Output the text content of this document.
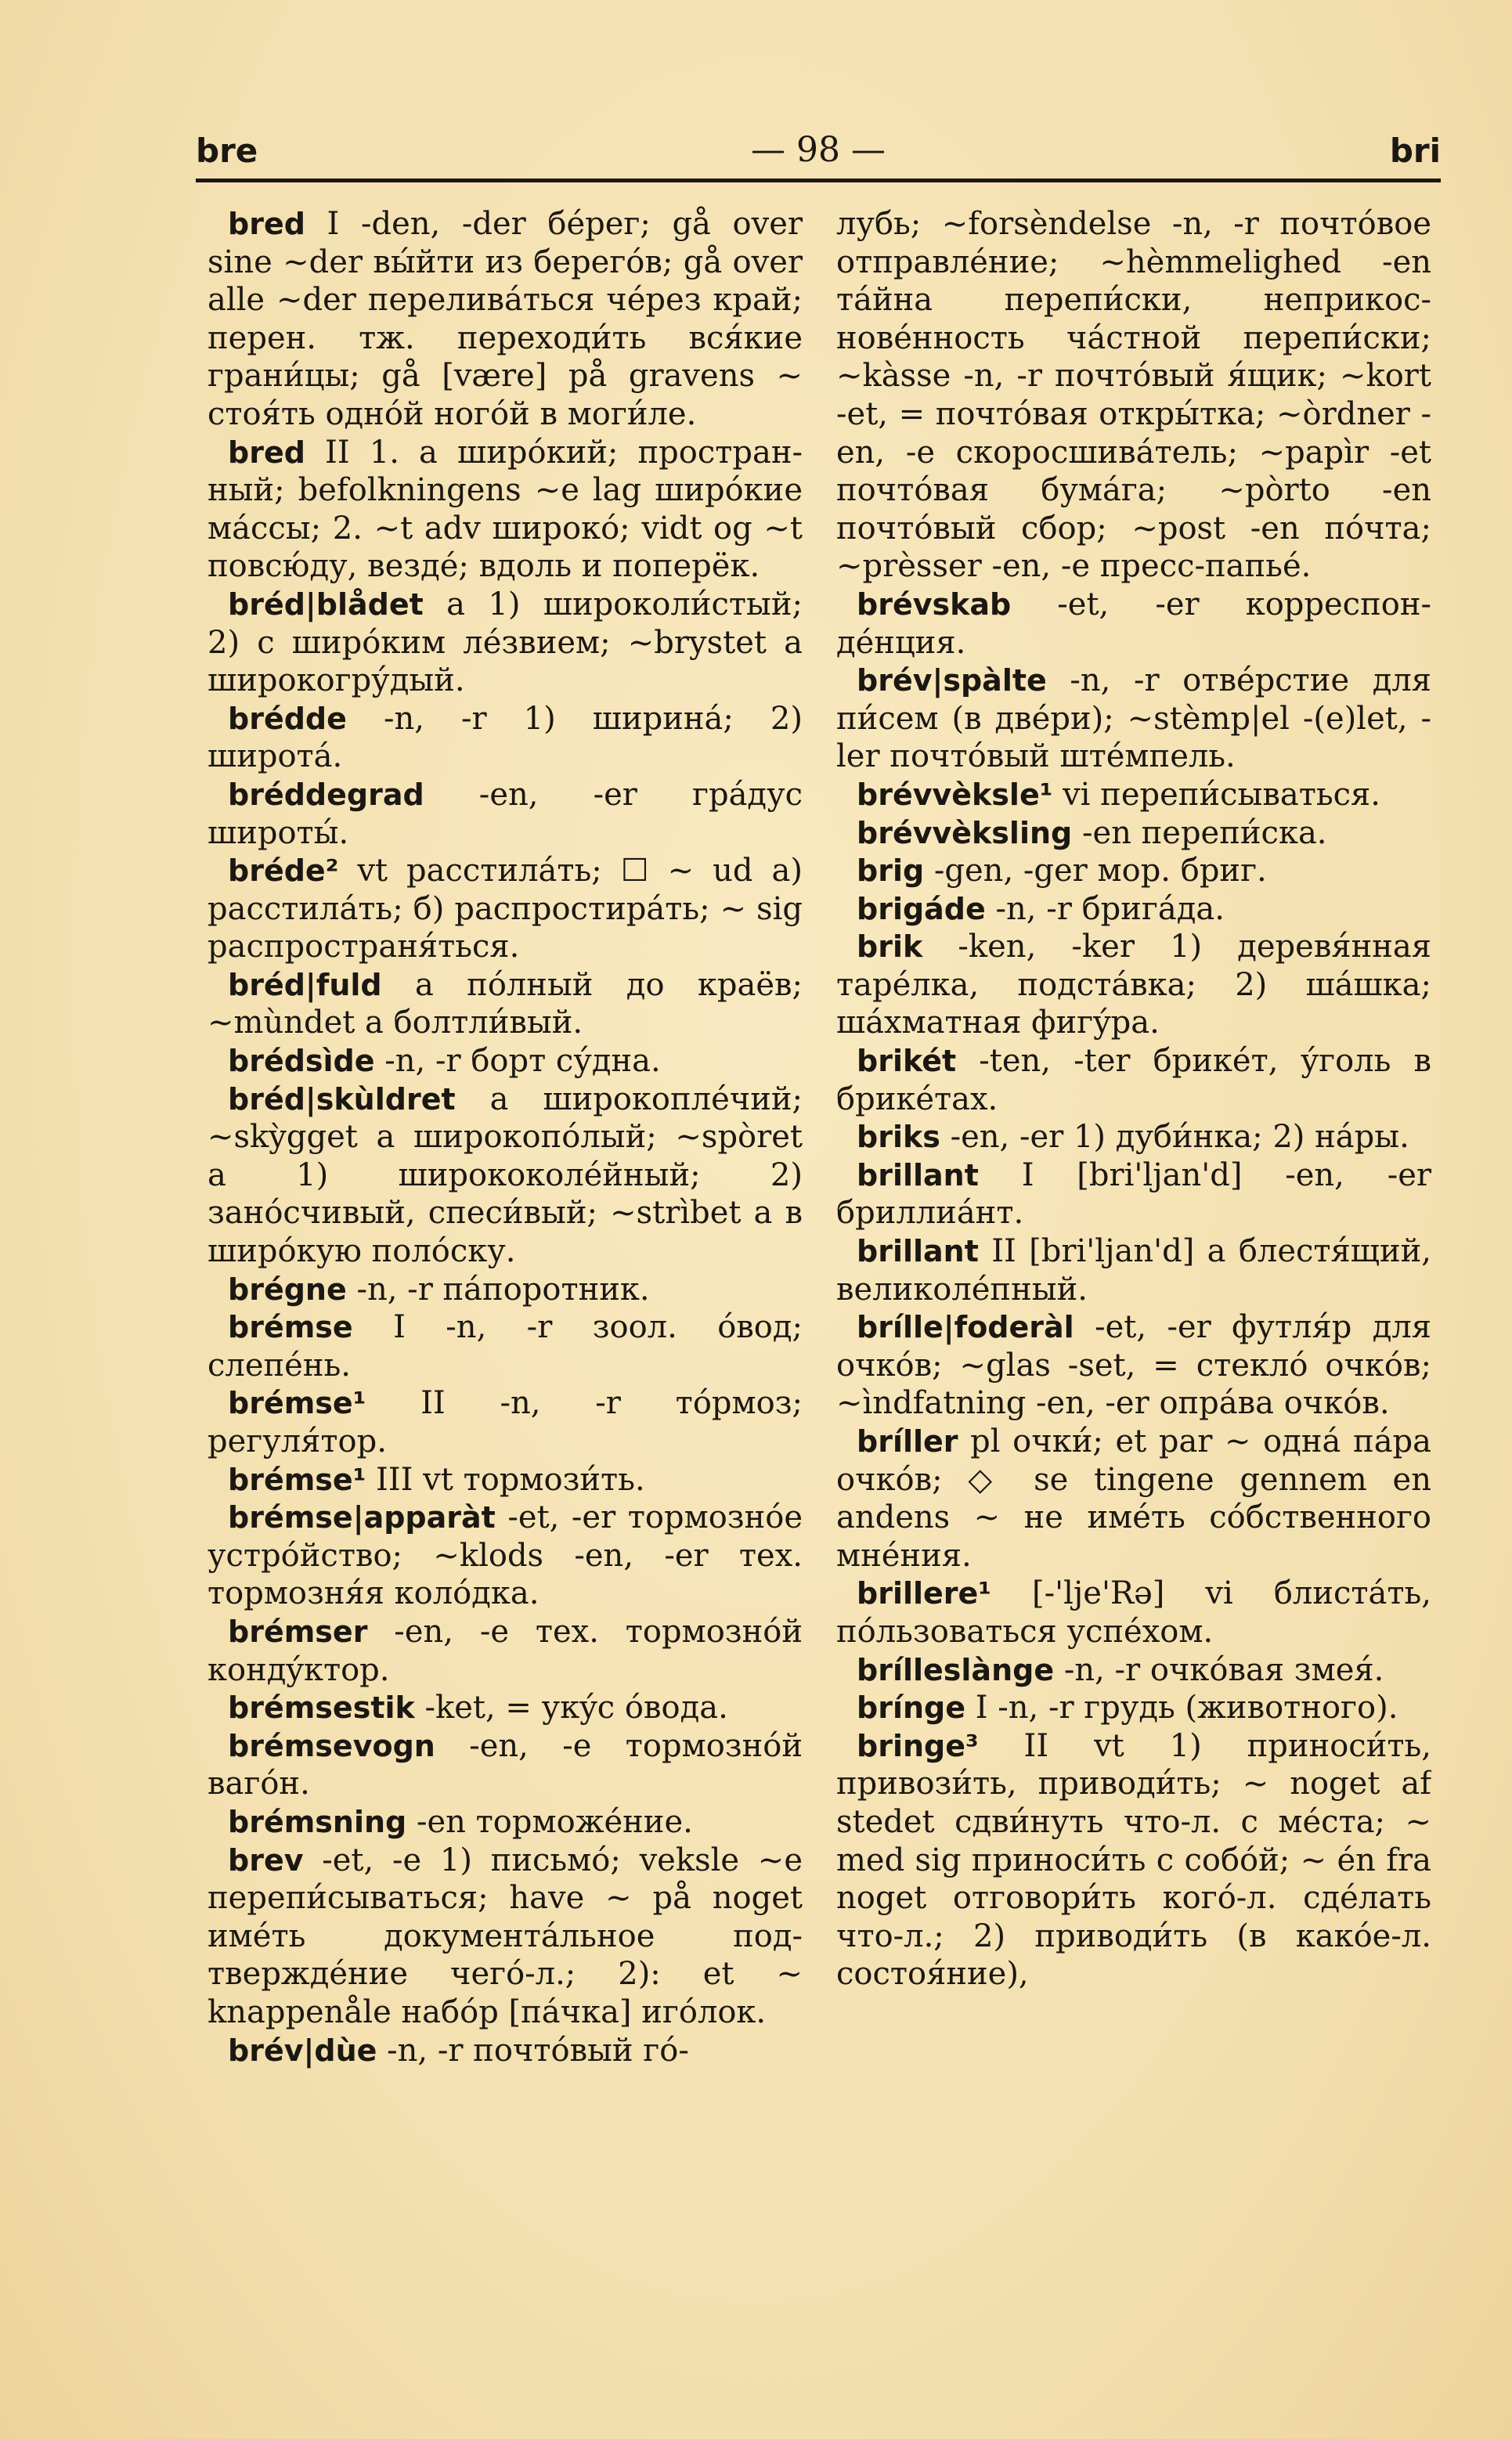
bre	— 98 —	bri

bred I -den, -der бéрег; gå over sine ~der вы́йти из берегóв; gå over alle ~der переливáться чéрез край; перен. тж. переходи́ть вся́кие грани́цы; gå [være] på gravens ~ стоя́ть однóй ногóй в моги́ле.

bred II 1. a ширóкий; пространный; befolkningens ~e lag ширóкие мáссы; 2. ~t adv широкó; vidt og ~t повсю́ду, вездé; вдоль и поперёк.

bréd|blådet a 1) широколи́стый; 2) с ширóким лéзвием; ~brystet a широкогру́дый.

brédde -n, -r 1) ширинá; 2) широтá.

bréddegrad -en, -er грáдус широты́.

bréde² vt расстилáть; ☐ ~ ud а) расстилáть; б) распростирáть; ~ sig распространя́ться.

bréd|fuld a пóлный до краёв; ~mùndet a болтли́вый.

brédsìde -n, -r борт су́дна.

bréd|skùldret a широкоплéчий; ~skỳgget a широкопóлый; ~spòret a 1) ширококолéйный; 2) занóсчивый, спеси́вый; ~strìbet a в ширóкую полóску.

brégne -n, -r пáпоротник.

brémse I -n, -r зоол. óвод; слепéнь.

brémse¹ II -n, -r тóрмоз; регуля́тор.

brémse¹ III vt тормози́ть.

brémse|apparàt -et, -er тормознóе устрóйство; ~klods -en, -er тех. тормозня́я колóдка.

brémser -en, -e тех. тормознóй кондýктор.

brémsestik -ket, = укýс óвода.

brémsevogn -en, -e тормознóй вагóн.

brémsning -en торможéние.

brev -et, -e 1) письмó; veksle ~e перепи́сываться; have ~ på noget имéть документáльное подтверждéние чегó-л.; 2): et ~ knappenåle набóр [пáчка] игóлок.

brév|dùe -n, -r почтóвый гó-

лубь; ~forsèndelse -n, -r почтóвое отправлéние; ~hèmmelighed -en тáйна перепи́ски, неприкосновéнность чáстной перепи́ски; ~kàsse -n, -r почтóвый я́щик; ~kort -et, = почтóвая откры́тка; ~òrdner -en, -e скоросшивáтель; ~papìr -et почтóвая бумáга; ~pòrto -en почтóвый сбор; ~post -en пóчта; ~prèsser -en, -e пресс-папьé.

brévskab -et, -er корреспондéнция.

brév|spàlte -n, -r отвéрстие для пи́сем (в двéри); ~stèmp|el -(e)let, -ler почтóвый штéмпель.

brévvèksle¹ vi перепи́сываться.

brévvèksling -en перепи́ска.

brig -gen, -ger мор. бриг.

brigáde -n, -r бригáда.

brik -ken, -ker 1) деревя́нная тарéлка, подстáвка; 2) шáшка; шáхматная фигýра.

brikét -ten, -ter брикéт, ýголь в брикéтах.

briks -en, -er 1) дуби́нка; 2) нáры.

brillant I [bri'ljan'd] -en, -er бриллиáнт.

brillant II [bri'ljan'd] a блестя́щий, великолéпный.

brílle|foderàl -et, -er футля́р для очкóв; ~glas -set, = стеклó очкóв; ~ìndfatning -en, -er опрáва очкóв.

bríller pl очки́; et par ~ однá пáра очкóв; ◇ se tingene gennem en andens ~ не имéть сóбственного мнéния.

brillere¹ [-'lje'Rə] vi блистáть, пóльзоваться успéхом.

brílleslànge -n, -r очкóвая змея́.

brínge I -n, -r грудь (животного).

bringe³ II vt 1) приноси́ть, привози́ть, приводи́ть; ~ noget af stedet сдви́нуть что-л. с мéста; ~ med sig приноси́ть с собóй; ~ én fra noget отговори́ть когó-л. сдéлать что-л.; 2) приводи́ть (в какóе-л. состоя́ние),
